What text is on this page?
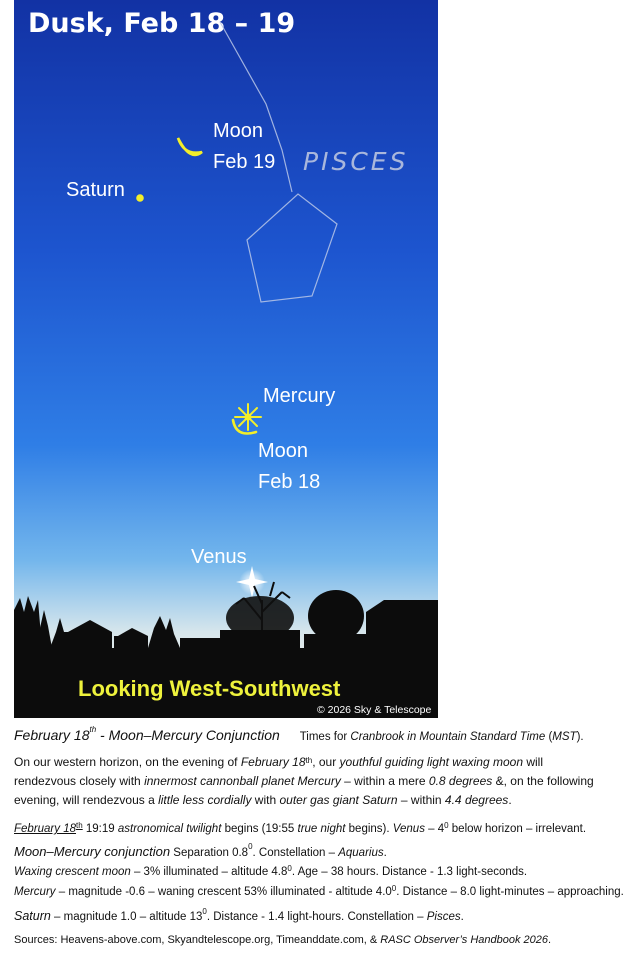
Dusk, Feb 18 – 19
PISCES
Moon
Feb 19
Saturn
Mercury
Moon
Feb 18
Venus
Looking West-Southwest
© 2026 Sky & Telescope
February 18th - Moon–Mercury Conjunction Times for Cranbrook in Mountain Standard Time (MST).
On our western horizon, on the evening of February 18th, our youthful guiding light waxing moon will rendezvous closely with innermost cannonball planet Mercury – within a mere 0.8 degrees &, on the following evening, will rendezvous a little less cordially with outer gas giant Saturn – within 4.4 degrees.
February 18th 19:19 astronomical twilight begins (19:55 true night begins). Venus – $4^0$ below horizon – irrelevant.
Moon–Mercury conjunction Separation $0.8^0$. Constellation – Aquarius.
Waxing crescent moon – 3% illuminated – altitude $4.8^0$. Age – 38 hours. Distance - 1.3 light-seconds.
Mercury – magnitude -0.6 – waning crescent 53% illuminated - altitude $4.0^0$. Distance – 8.0 light-minutes – approaching.
Saturn – magnitude 1.0 – altitude $13^0$. Distance - 1.4 light-hours. Constellation – Pisces.
Sources: Heavens-above.com, Skyandtelescope.org, Timeanddate.com, & RASC Observer’s Handbook 2026.
